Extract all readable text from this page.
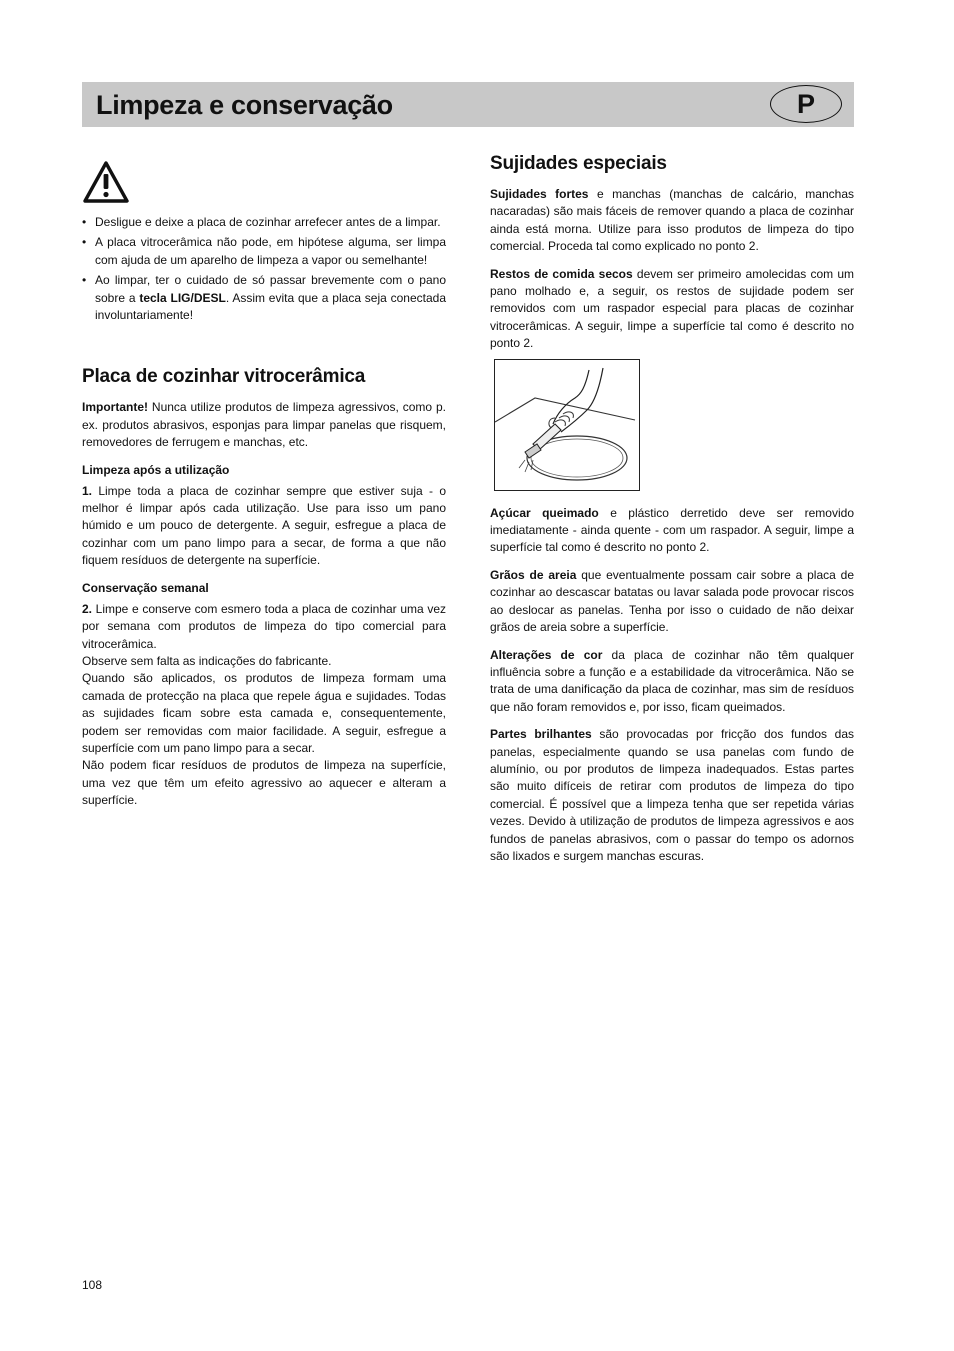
Limpeza e conservação	P
• Desligue e deixe a placa de cozinhar arrefecer antes de a limpar.
• A placa vitrocerâmica não pode, em hipótese alguma, ser limpa com ajuda de um aparelho de limpeza a vapor ou semelhante!
• Ao limpar, ter o cuidado de só passar brevemente com o pano sobre a tecla LIG/DESL. Assim evita que a placa seja conectada involuntariamente!
Placa de cozinhar vitrocerâmica

Importante! Nunca utilize produtos de limpeza agressivos, como p. ex. produtos abrasivos, esponjas para limpar panelas que risquem, removedores de ferrugem e manchas, etc.

Limpeza após a utilização

1. Limpe toda a placa de cozinhar sempre que estiver suja - o melhor é limpar após cada utilização. Use para isso um pano húmido e um pouco de detergente. A seguir, esfregue a placa de cozinhar com um pano limpo para a secar, de forma a que não fiquem resíduos de detergente na superfície.

Conservação semanal

2. Limpe e conserve com esmero toda a placa de cozinhar uma vez por semana com produtos de limpeza do tipo comercial para vitrocerâmica.

Observe sem falta as indicações do fabricante.

Quando são aplicados, os produtos de limpeza formam uma camada de protecção na placa que repele água e sujidades. Todas as sujidades ficam sobre esta camada e, consequentemente, podem ser removidas com maior facilidade. A seguir, esfregue a superfície com um pano limpo para a secar.

Não podem ficar resíduos de produtos de limpeza na superfície, uma vez que têm um efeito agressivo ao aquecer e alteram a superfície.

Sujidades especiais

Sujidades fortes e manchas (manchas de calcário, manchas nacaradas) são mais fáceis de remover quando a placa de cozinhar ainda está morna. Utilize para isso produtos de limpeza do tipo comercial. Proceda tal como explicado no ponto 2.

Restos de comida secos devem ser primeiro amolecidas com um pano molhado e, a seguir, os restos de sujidade podem ser removidos com um raspador especial para placas de cozinhar vitrocerâmicas. A seguir, limpe a superfície tal como é descrito no ponto 2.

Açúcar queimado e plástico derretido deve ser removido imediatamente - ainda quente - com um raspador. A seguir, limpe a superfície tal como é descrito no ponto 2.

Grãos de areia que eventualmente possam cair sobre a placa de cozinhar ao descascar batatas ou lavar salada pode provocar riscos ao deslocar as panelas. Tenha por isso o cuidado de não deixar grãos de areia sobre a superfície.

Alterações de cor da placa de cozinhar não têm qualquer influência sobre a função e a estabilidade da vitrocerâmica. Não se trata de uma danificação da placa de cozinhar, mas sim de resíduos que não foram removidos e, por isso, ficam queimados.

Partes brilhantes são provocadas por fricção dos fundos das panelas, especialmente quando se usa panelas com fundo de alumínio, ou por produtos de limpeza inadequados. Estas partes são muito difíceis de retirar com produtos de limpeza do tipo comercial. É possível que a limpeza tenha que ser repetida várias vezes. Devido à utilização de produtos de limpeza agressivos e aos fundos de panelas abrasivos, com o passar do tempo os adornos são lixados e surgem manchas escuras.

108
